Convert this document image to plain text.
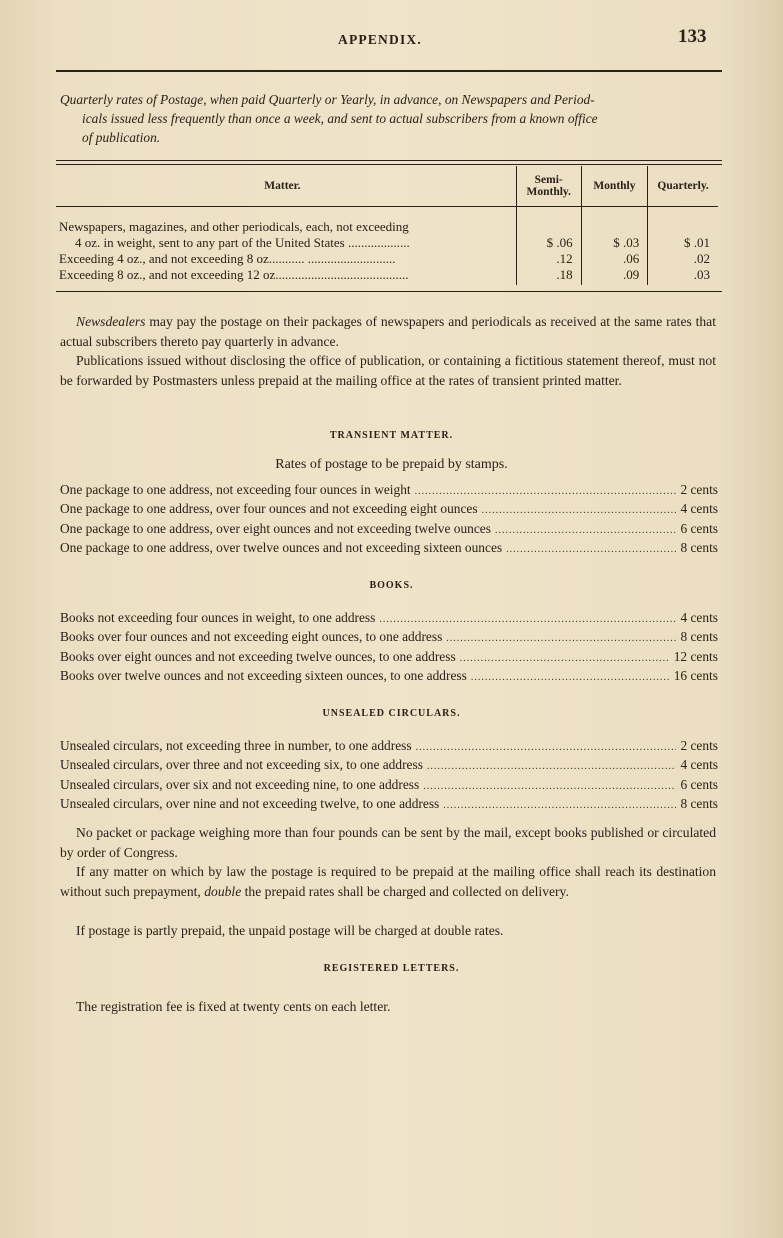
APPENDIX.	133
Quarterly rates of Postage, when paid Quarterly or Yearly, in advance, on Newspapers and Period-
icals issued less frequently than once a week, and sent to actual subscribers from a known office
of publication.
Matter.	Semi-
Monthly.	Monthly	Quarterly.

Newspapers, magazines, and other periodicals, each, not exceeding
4 oz. in weight, sent to any part of the United States ...................	$ .06	$ .03	$ .01
Exceeding 4 oz., and not exceeding 8 oz........... ...........................	.12	.06	.02
Exceeding 8 oz., and not exceeding 12 oz.........................................	.18	.09	.03

Newsdealers may pay the postage on their packages of newspapers and periodicals as received at the same rates that actual subscribers thereto pay quarterly in advance.

Publications issued without disclosing the office of publication, or containing a fictitious statement thereof, must not be forwarded by Postmasters unless prepaid at the mailing office at the rates of transient printed matter.

TRANSIENT MATTER.
Rates of postage to be prepaid by stamps.
One package to one address, not exceeding four ounces in weight .....	2 cents
One package to one address, over four ounces and not exceeding eight ounces .....	4 cents
One package to one address, over eight ounces and not exceeding twelve ounces .....	6 cents
One package to one address, over twelve ounces and not exceeding sixteen ounces .....	8 cents
BOOKS.
Books not exceeding four ounces in weight, to one address .....	4 cents
Books over four ounces and not exceeding eight ounces, to one address .....	8 cents
Books over eight ounces and not exceeding twelve ounces, to one address .....	12 cents
Books over twelve ounces and not exceeding sixteen ounces, to one address .....	16 cents
UNSEALED CIRCULARS.
Unsealed circulars, not exceeding three in number, to one address .....	2 cents
Unsealed circulars, over three and not exceeding six, to one address .....	4 cents
Unsealed circulars, over six and not exceeding nine, to one address .....	6 cents
Unsealed circulars, over nine and not exceeding twelve, to one address .....	8 cents

No packet or package weighing more than four pounds can be sent by the mail, except books published or circulated by order of Congress.

If any matter on which by law the postage is required to be prepaid at the mailing office shall reach its destination without such prepayment, double the prepaid rates shall be charged and collected on delivery.

If postage is partly prepaid, the unpaid postage will be charged at double rates.

REGISTERED LETTERS.

The registration fee is fixed at twenty cents on each letter.
